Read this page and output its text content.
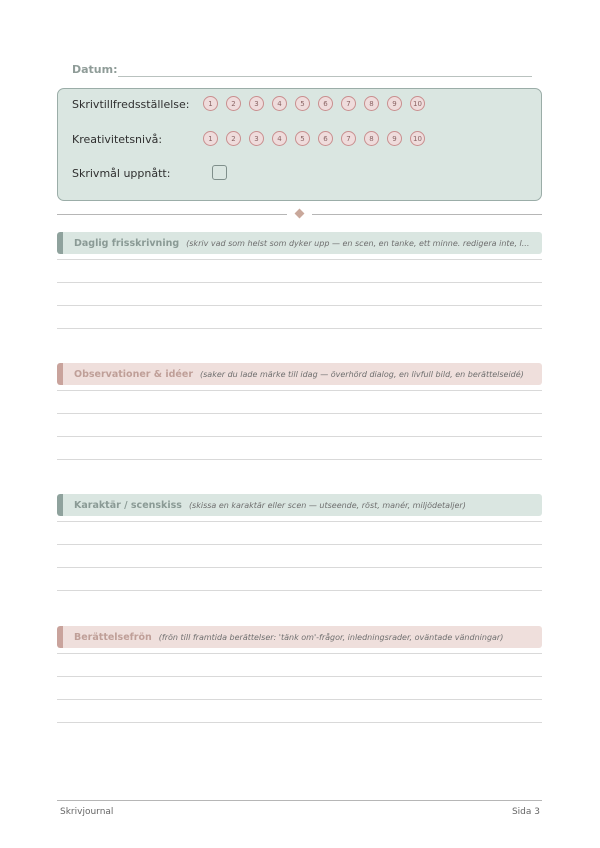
Datum:
Skrivtillfredsställelse:	1	2	3	4	5	6	7	8	9	10
Kreativitetsnivå:	1	2	3	4	5	6	7	8	9	10
Skrivmål uppnått:
Daglig frisskrivning (skriv vad som helst som dyker upp — en scen, en tanke, ett minne. redigera inte, l...
Observationer & idéer (saker du lade märke till idag — överhörd dialog, en livfull bild, en berättelseidé)
Karaktär / scenskiss (skissa en karaktär eller scen — utseende, röst, manér, miljödetaljer)
Berättelsefrön (frön till framtida berättelser: 'tänk om'-frågor, inledningsrader, oväntade vändningar)
Skrivjournal	Sida 3
